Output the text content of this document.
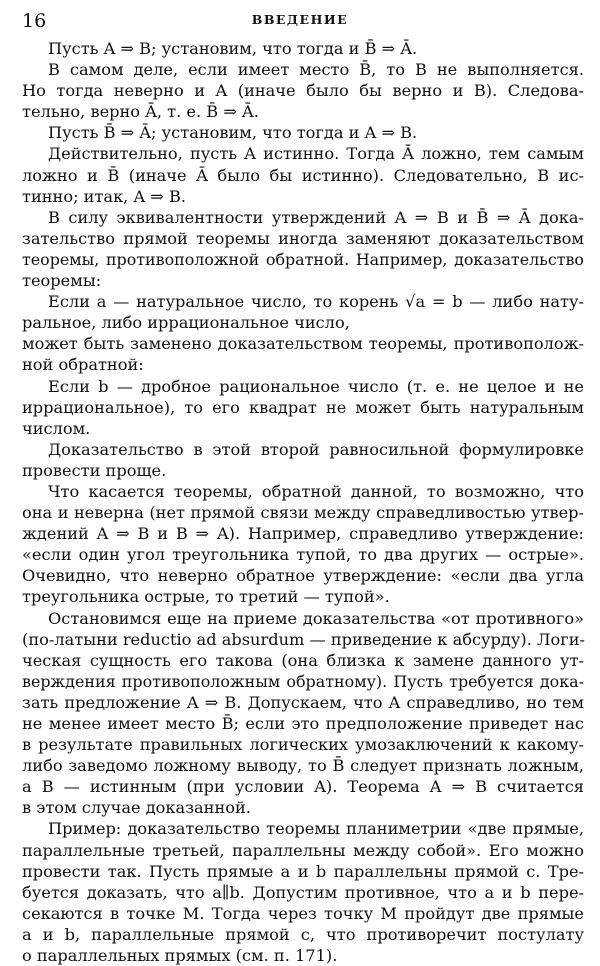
16	ВВЕДЕНИЕ
Пусть A ⇒ B; установим, что тогда и B̄ ⇒ Ā.
В самом деле, если имеет место B̄, то B не выполняется.
Но тогда неверно и A (иначе было бы верно и B). Следова-
тельно, верно Ā, т. е. B̄ ⇒ Ā.
Пусть B̄ ⇒ Ā; установим, что тогда и A ⇒ B.
Действительно, пусть A истинно. Тогда Ā ложно, тем самым
ложно и B̄ (иначе Ā было бы истинно). Следовательно, B ис-
тинно; итак, A ⇒ B.
В силу эквивалентности утверждений A ⇒ B и B̄ ⇒ Ā дока-
зательство прямой теоремы иногда заменяют доказательством
теоремы, противоположной обратной. Например, доказательство
теоремы:
Если a — натуральное число, то корень √a = b — либо нату-
ральное, либо иррациональное число,
может быть заменено доказательством теоремы, противополож-
ной обратной:
Если b — дробное рациональное число (т. е. не целое и не
иррациональное), то его квадрат не может быть натуральным
числом.
Доказательство в этой второй равносильной формулировке
провести проще.
Что касается теоремы, обратной данной, то возможно, что
она и неверна (нет прямой связи между справедливостью утвер-
ждений A ⇒ B и B ⇒ A). Например, справедливо утверждение:
«если один угол треугольника тупой, то два других — острые».
Очевидно, что неверно обратное утверждение: «если два угла
треугольника острые, то третий — тупой».
Остановимся еще на приеме доказательства «от противного»
(по-латыни reductio ad absurdum — приведение к абсурду). Логи-
ческая сущность его такова (она близка к замене данного ут-
верждения противоположным обратному). Пусть требуется дока-
зать предложение A ⇒ B. Допускаем, что A справедливо, но тем
не менее имеет место B̄; если это предположение приведет нас
в результате правильных логических умозаключений к какому-
либо заведомо ложному выводу, то B̄ следует признать ложным,
а B — истинным (при условии A). Теорема A ⇒ B считается
в этом случае доказанной.
Пример: доказательство теоремы планиметрии «две прямые,
параллельные третьей, параллельны между собой». Его можно
провести так. Пусть прямые a и b параллельны прямой c. Тре-
буется доказать, что a∥b. Допустим противное, что a и b пере-
секаются в точке M. Тогда через точку M пройдут две прямые
a и b, параллельные прямой c, что противоречит постулату
о параллельных прямых (см. п. 171).
